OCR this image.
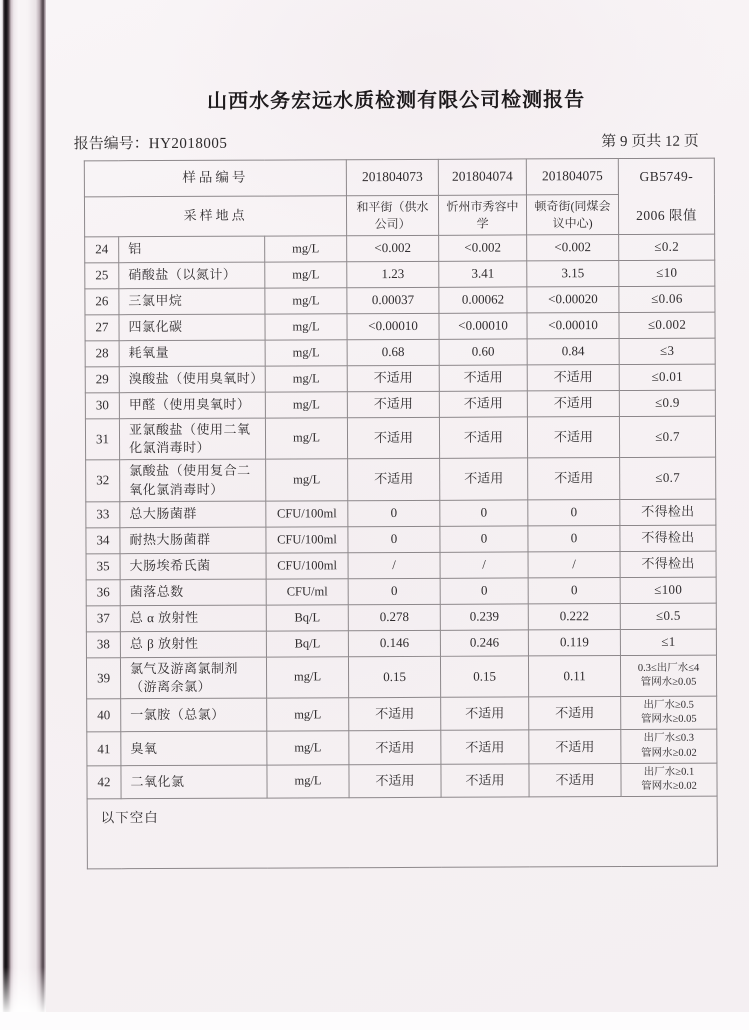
山西水务宏远水质检测有限公司检测报告
报告编号：HY2018005	第 9 页共 12 页
样品编号			201804073	201804074	201804075	GB5749-
2006 限值

采样地点			和平街（供水公司）	忻州市秀容中学	顿奇街(同煤会议中心)	
24	铝	mg/L	<0.002	<0.002	<0.002	≤0.2
25	硝酸盐（以氮计）	mg/L	1.23	3.41	3.15	≤10
26	三氯甲烷	mg/L	0.00037	0.00062	<0.00020	≤0.06
27	四氯化碳	mg/L	<0.00010	<0.00010	<0.00010	≤0.002
28	耗氧量	mg/L	0.68	0.60	0.84	≤3
29	溴酸盐（使用臭氧时）	mg/L	不适用	不适用	不适用	≤0.01
30	甲醛（使用臭氧时）	mg/L	不适用	不适用	不适用	≤0.9
31	亚氯酸盐（使用二氧化氯消毒时）	mg/L	不适用	不适用	不适用	≤0.7
32	氯酸盐（使用复合二氧化氯消毒时）	mg/L	不适用	不适用	不适用	≤0.7
33	总大肠菌群	CFU/100ml	0	0	0	不得检出
34	耐热大肠菌群	CFU/100ml	0	0	0	不得检出
35	大肠埃希氏菌	CFU/100ml	/	/	/	不得检出
36	菌落总数	CFU/ml	0	0	0	≤100
37	总 α 放射性	Bq/L	0.278	0.239	0.222	≤0.5
38	总 β 放射性	Bq/L	0.146	0.246	0.119	≤1
39	氯气及游离氯制剂（游离余氯）	mg/L	0.15	0.15	0.11	0.3≤出厂水≤4
管网水≥0.05
40	一氯胺（总氯）	mg/L	不适用	不适用	不适用	出厂水≥0.5
管网水≥0.05
41	臭氧	mg/L	不适用	不适用	不适用	出厂水≤0.3
管网水≥0.02
42	二氧化氯	mg/L	不适用	不适用	不适用	出厂水≥0.1
管网水≥0.02
以下空白						
